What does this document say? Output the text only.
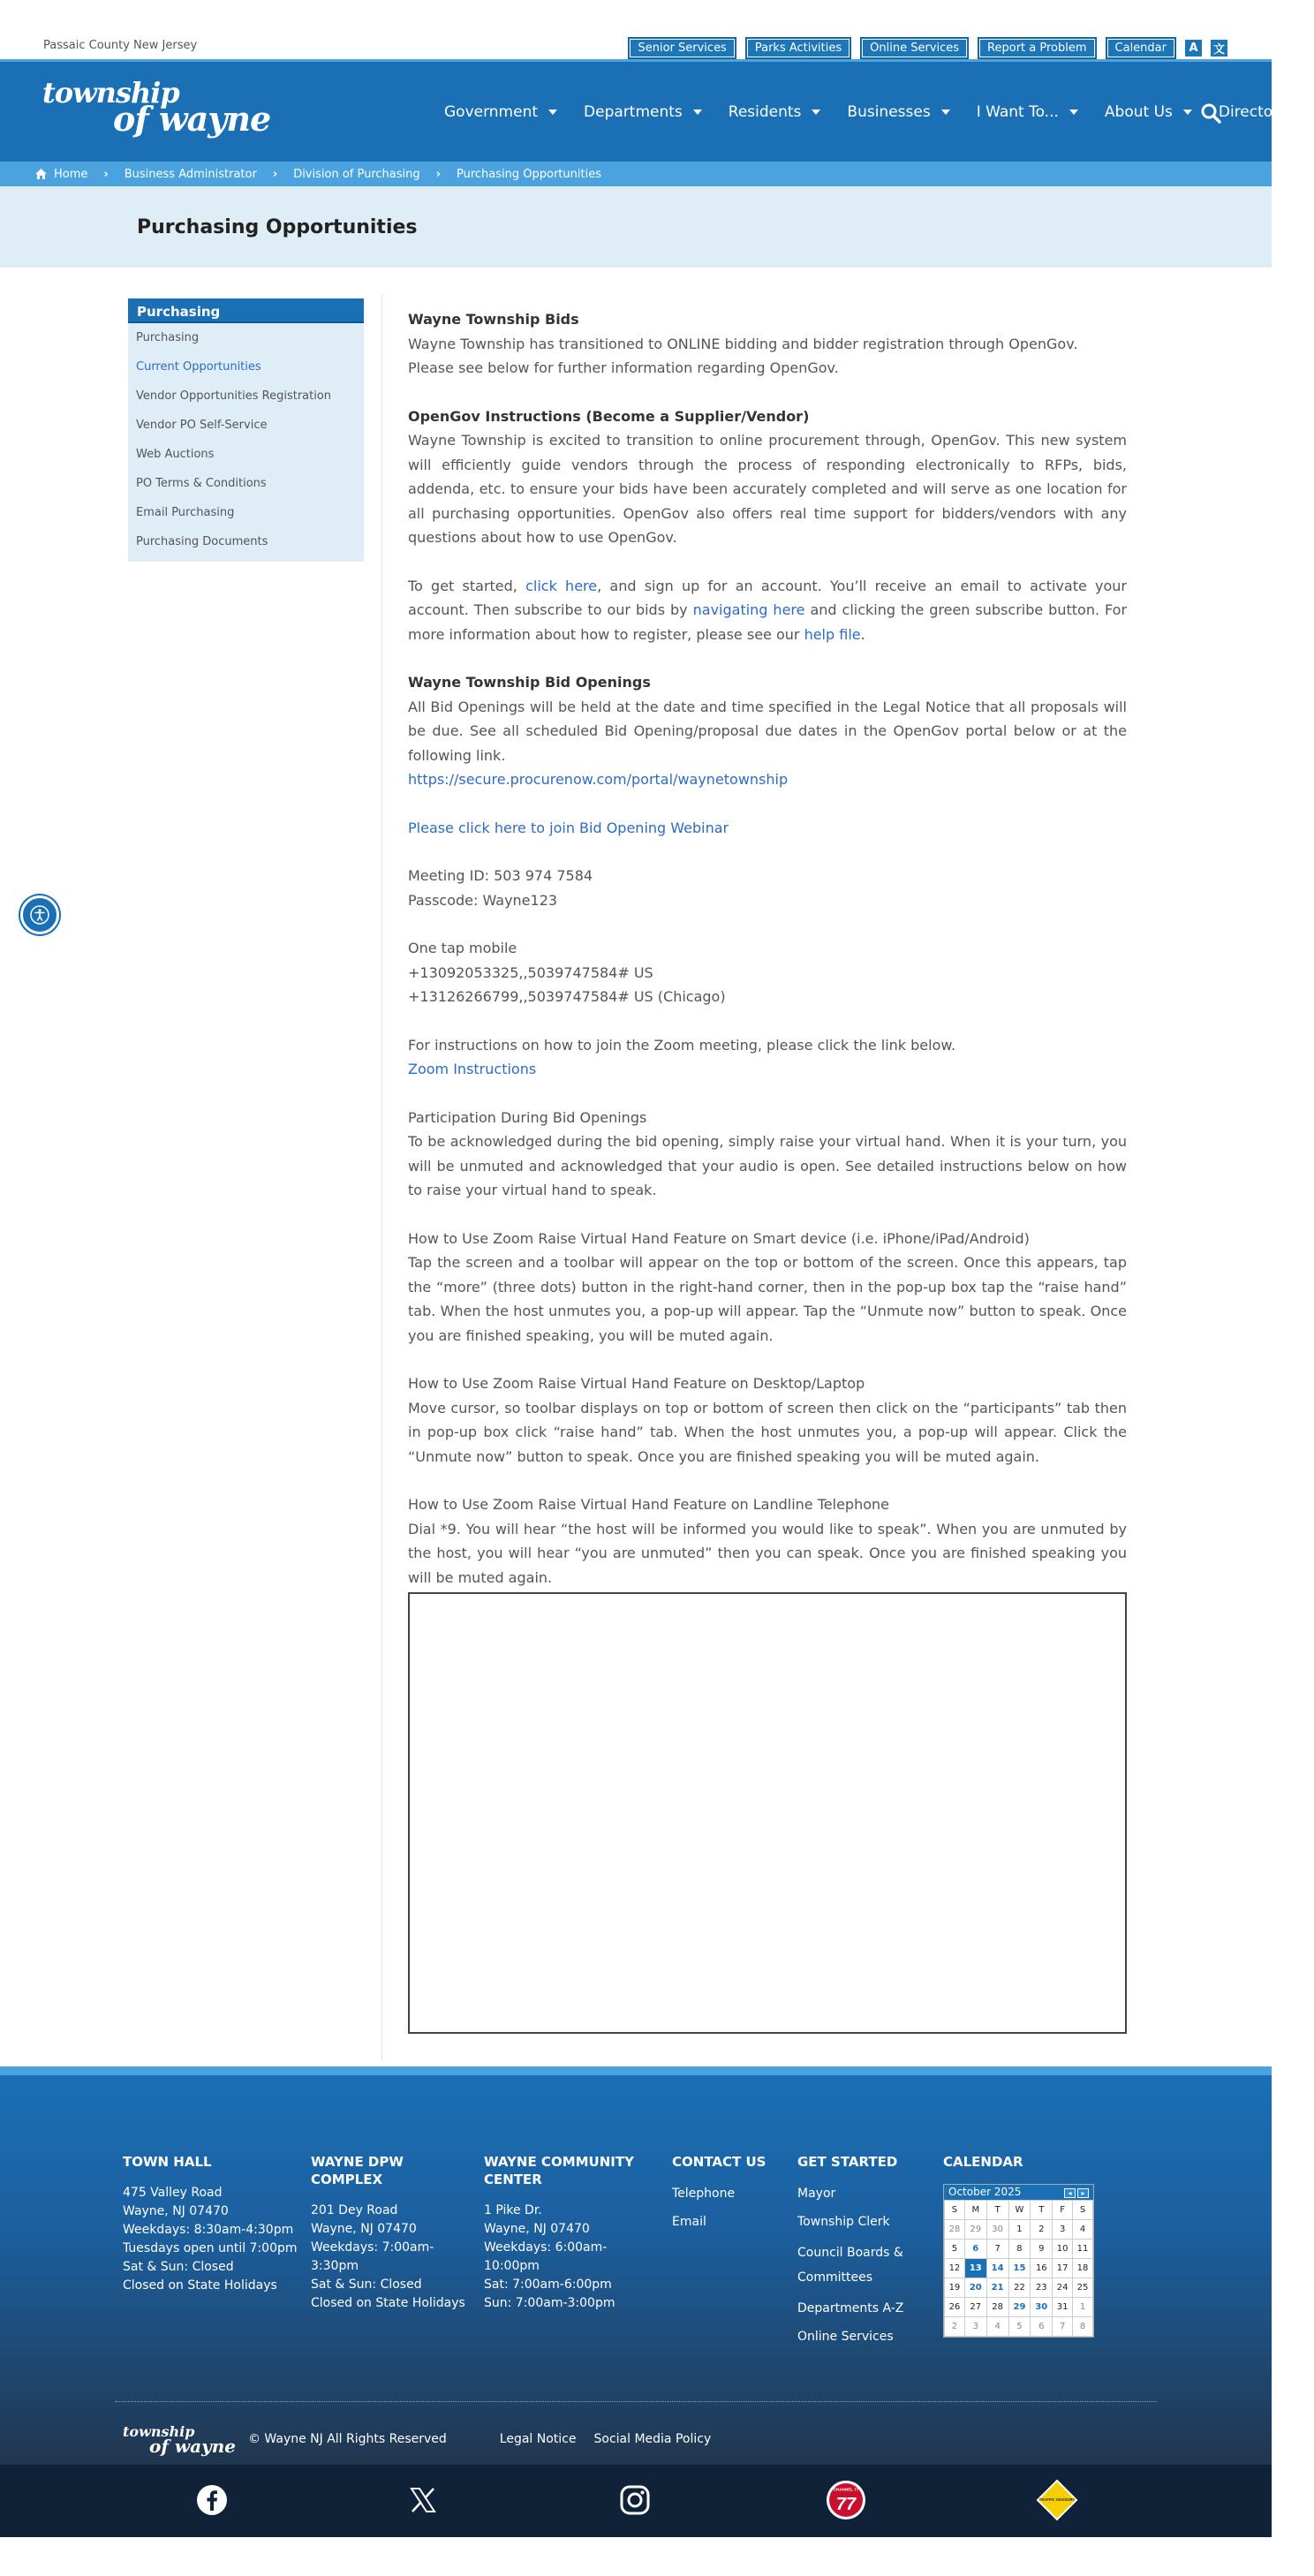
Passaic County New Jersey	Senior Services	Parks Activities	Online Services	Report a Problem	Calendar	A	文
township
of wayne	Government	Departments	Residents	Businesses	I Want To...	About Us	Directory
Home › Business Administrator › Division of Purchasing › Purchasing Opportunities
Purchasing Opportunities
Purchasing
Purchasing
Current Opportunities
Vendor Opportunities Registration
Vendor PO Self-Service
Web Auctions
PO Terms & Conditions
Email Purchasing
Purchasing Documents

Wayne Township Bids
Wayne Township has transitioned to ONLINE bidding and bidder registration through OpenGov.
Please see below for further information regarding OpenGov.

OpenGov Instructions (Become a Supplier/Vendor)
Wayne Township is excited to transition to online procurement through, OpenGov. This new system will efficiently guide vendors through the process of responding electronically to RFPs, bids, addenda, etc. to ensure your bids have been accurately completed and will serve as one location for all purchasing opportunities. OpenGov also offers real time support for bidders/vendors with any questions about how to use OpenGov.

To get started, click here, and sign up for an account. You’ll receive an email to activate your account. Then subscribe to our bids by navigating here and clicking the green subscribe button. For more information about how to register, please see our help file.

Wayne Township Bid Openings
All Bid Openings will be held at the date and time specified in the Legal Notice that all proposals will be due. See all scheduled Bid Opening/proposal due dates in the OpenGov portal below or at the following link.
https://secure.procurenow.com/portal/waynetownship

Please click here to join Bid Opening Webinar

Meeting ID: 503 974 7584
Passcode: Wayne123

One tap mobile
+13092053325,,5039747584# US
+13126266799,,5039747584# US (Chicago)

For instructions on how to join the Zoom meeting, please click the link below.
Zoom Instructions

Participation During Bid Openings
To be acknowledged during the bid opening, simply raise your virtual hand. When it is your turn, you will be unmuted and acknowledged that your audio is open. See detailed instructions below on how to raise your virtual hand to speak.

How to Use Zoom Raise Virtual Hand Feature on Smart device (i.e. iPhone/iPad/Android)
Tap the screen and a toolbar will appear on the top or bottom of the screen. Once this appears, tap the “more” (three dots) button in the right-hand corner, then in the pop-up box tap the “raise hand” tab. When the host unmutes you, a pop-up will appear. Tap the “Unmute now” button to speak. Once you are finished speaking, you will be muted again.

How to Use Zoom Raise Virtual Hand Feature on Desktop/Laptop
Move cursor, so toolbar displays on top or bottom of screen then click on the “participants” tab then in pop-up box click “raise hand” tab. When the host unmutes you, a pop-up will appear. Click the “Unmute now” button to speak. Once you are finished speaking you will be muted again.

How to Use Zoom Raise Virtual Hand Feature on Landline Telephone
Dial *9. You will hear “the host will be informed you would like to speak”. When you are unmuted by the host, you will hear “you are unmuted” then you can speak. Once you are finished speaking you will be muted again.

TOWN HALL
475 Valley Road
Wayne, NJ 07470
Weekdays: 8:30am-4:30pm
Tuesdays open until 7:00pm
Sat & Sun: Closed
Closed on State Holidays
WAYNE DPW COMPLEX
201 Dey Road
Wayne, NJ 07470
Weekdays: 7:00am-3:30pm
Sat & Sun: Closed
Closed on State Holidays
WAYNE COMMUNITY CENTER
1 Pike Dr.
Wayne, NJ 07470
Weekdays: 6:00am-10:00pm
Sat: 7:00am-6:00pm
Sun: 7:00am-3:00pm
CONTACT US
Telephone
Email
GET STARTED
Mayor
Township Clerk
Council Boards & Committees
Departments A-Z
Online Services
CALENDAR
October 2025	◂ ▸
S	M	T	W	T	F	S
28	29	30	1	2	3	4
5	6	7	8	9	10	11
12	13	14	15	16	17	18
19	20	21	22	23	24	25
26	27	28	29	30	31	1
2	3	4	5	6	7	8
township
of wayne © Wayne NJ All Rights Reserved	Legal Notice Social Media Policy
CHANNEL 77
77	TRAFFIC ADVISORY
